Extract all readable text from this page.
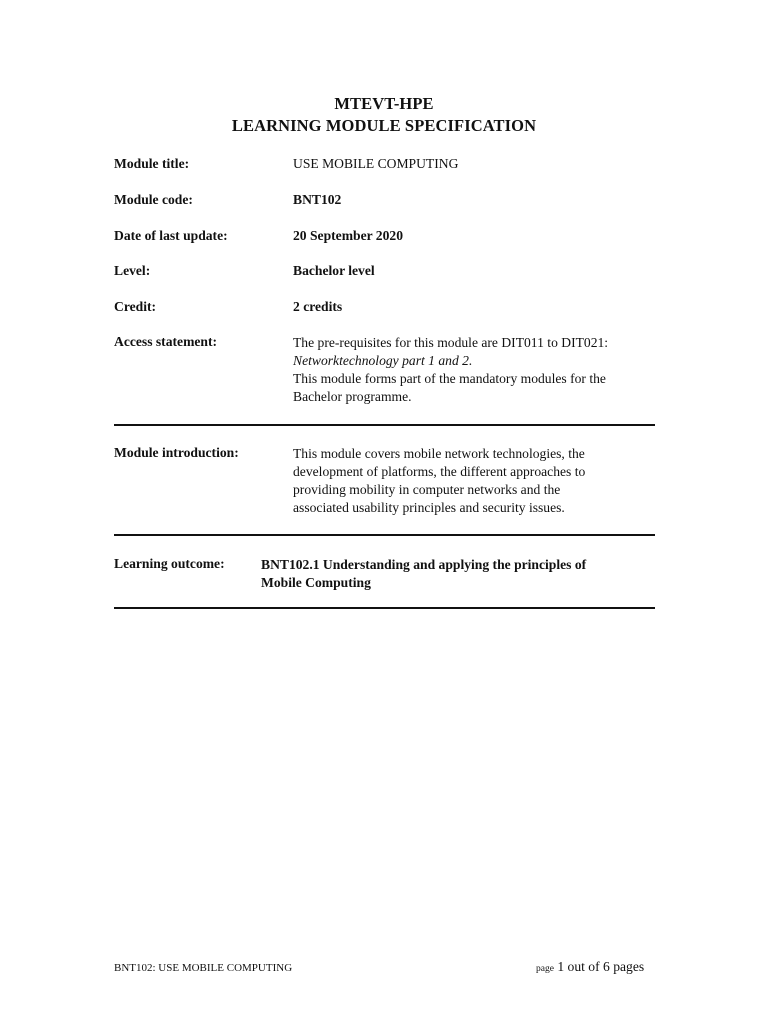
MTEVT-HPE
LEARNING MODULE SPECIFICATION
Module title:	USE MOBILE COMPUTING
Module code:	BNT102
Date of last update:	20 September 2020
Level:	Bachelor level
Credit:	2 credits
Access statement:	The pre-requisites for this module are DIT011 to DIT021:
Networktechnology part 1 and 2.
This module forms part of the mandatory modules for the
Bachelor programme.
Module introduction:	This module covers mobile network technologies, the
development of platforms, the different approaches to
providing mobility in computer networks and the
associated usability principles and security issues.
Learning outcome:	BNT102.1 Understanding and applying the principles of
Mobile Computing
BNT102: USE MOBILE COMPUTING	page 1 out of 6 pages
